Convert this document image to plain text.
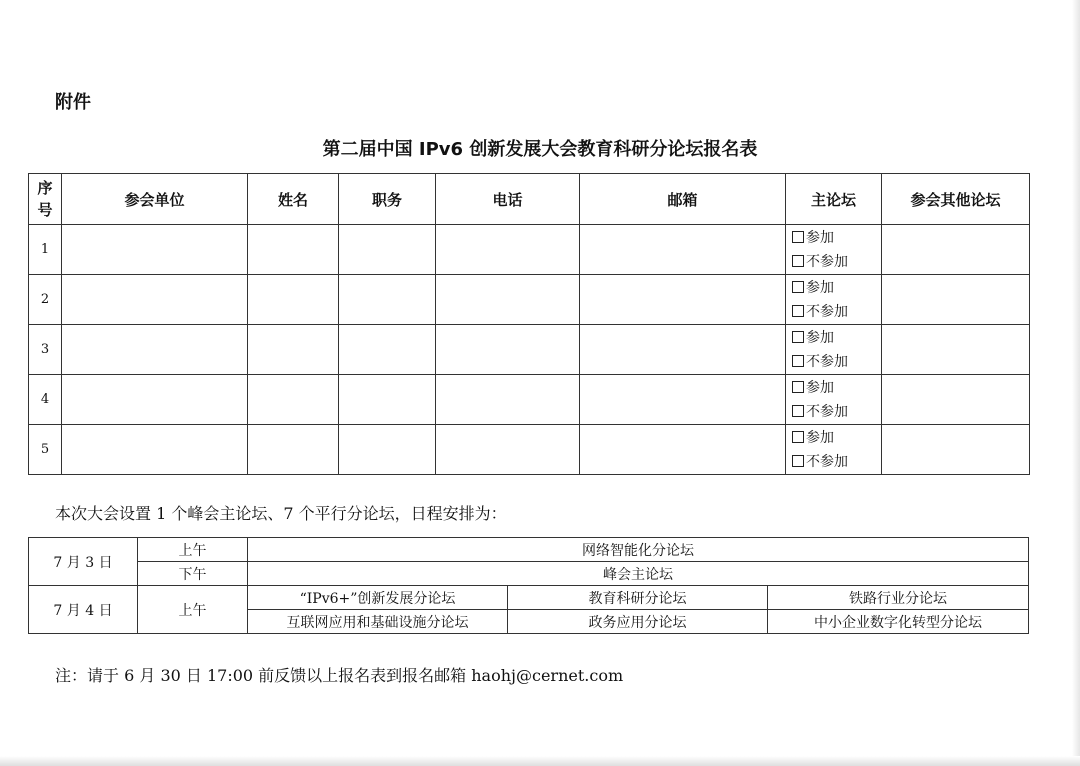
附件
第二届中国 IPv6 创新发展大会教育科研分论坛报名表
序
号	参会单位	姓名	职务	电话	邮箱	主论坛	参会其他论坛
1						参加
不参加	

2						参加
不参加	

3						参加
不参加	

4						参加
不参加	

5						参加
不参加	

本次大会设置 1 个峰会主论坛、7 个平行分论坛，日程安排为：
7 月 3 日	上午	网络智能化分论坛		
	下午	峰会主论坛		
7 月 4 日	上午	“IPv6+”创新发展分论坛	教育科研分论坛	铁路行业分论坛
		互联网应用和基础设施分论坛	政务应用分论坛	中小企业数字化转型分论坛
注：请于 6 月 30 日 17:00 前反馈以上报名表到报名邮箱 haohj@cernet.com
